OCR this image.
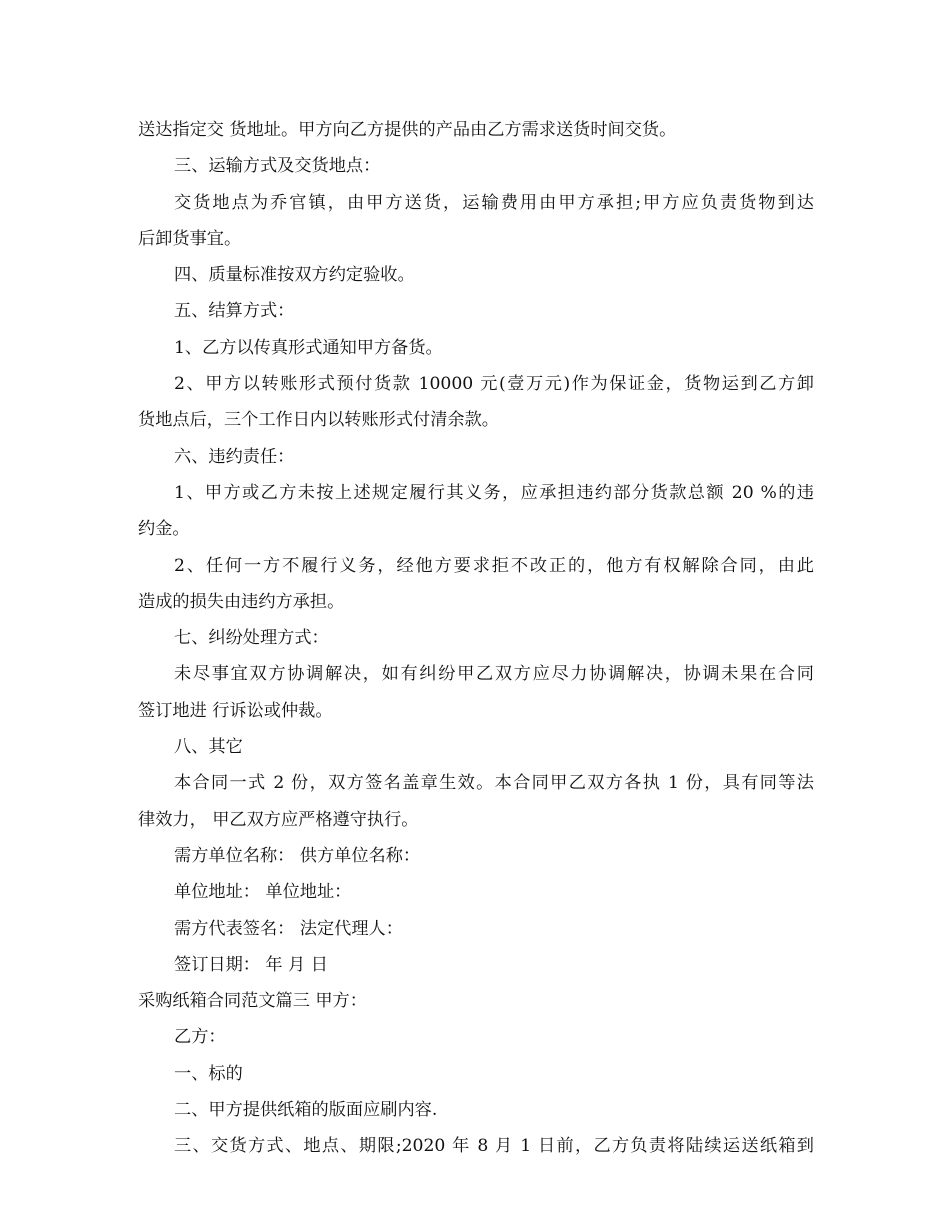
送达指定交 货地址。甲方向乙方提供的产品由乙方需求送货时间交货。
三、运输方式及交货地点：
交货地点为乔官镇，由甲方送货，运输费用由甲方承担;甲方应负责货物到达
后卸货事宜。
四、质量标准按双方约定验收。
五、结算方式：
1、乙方以传真形式通知甲方备货。
2、甲方以转账形式预付货款 10000 元(壹万元)作为保证金，货物运到乙方卸
货地点后，三个工作日内以转账形式付清余款。
六、违约责任：
1、甲方或乙方未按上述规定履行其义务，应承担违约部分货款总额 20 %的违
约金。
2、任何一方不履行义务，经他方要求拒不改正的，他方有权解除合同，由此
造成的损失由违约方承担。
七、纠纷处理方式：
未尽事宜双方协调解决，如有纠纷甲乙双方应尽力协调解决，协调未果在合同
签订地进 行诉讼或仲裁。
八、其它
本合同一式 2 份，双方签名盖章生效。本合同甲乙双方各执 1 份，具有同等法
律效力， 甲乙双方应严格遵守执行。
需方单位名称： 供方单位名称：
单位地址： 单位地址：
需方代表签名： 法定代理人：
签订日期： 年 月 日
采购纸箱合同范文篇三 甲方：
乙方：
一、标的
二、甲方提供纸箱的版面应刷内容.
三、交货方式、地点、期限;2020 年 8 月 1 日前，乙方负责将陆续运送纸箱到
